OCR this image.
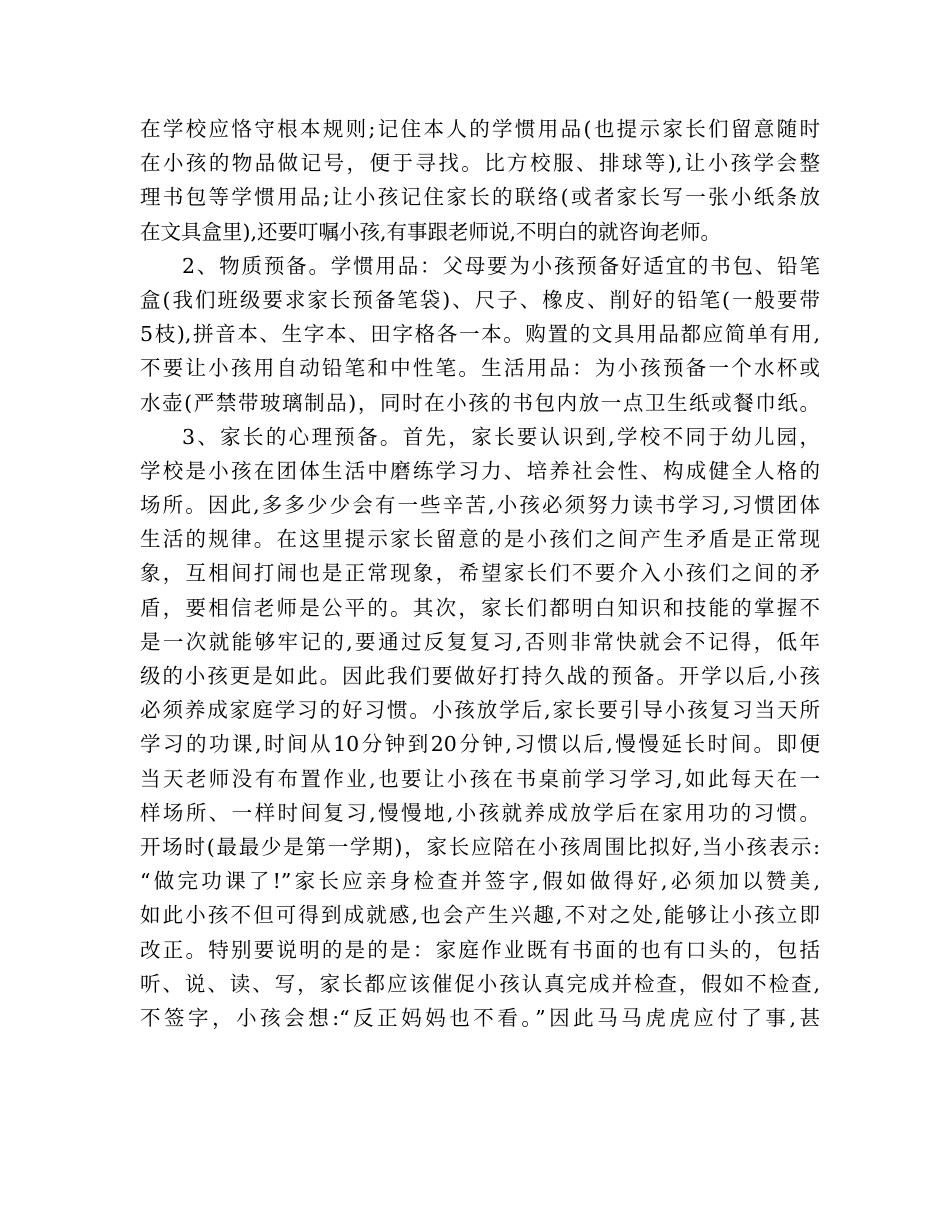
在学校应恪守根本规则;记住本人的学惯用品(也提示家长们留意随时
在小孩的物品做记号，便于寻找。比方校服、排球等),让小孩学会整
理书包等学惯用品;让小孩记住家长的联络(或者家长写一张小纸条放
在文具盒里),还要叮嘱小孩,有事跟老师说,不明白的就咨询老师。
2、物质预备。学惯用品：父母要为小孩预备好适宜的书包、铅笔
盒(我们班级要求家长预备笔袋)、尺子、橡皮、削好的铅笔(一般要带
5枝),拼音本、生字本、田字格各一本。购置的文具用品都应简单有用,
不要让小孩用自动铅笔和中性笔。生活用品：为小孩预备一个水杯或
水壶(严禁带玻璃制品)，同时在小孩的书包内放一点卫生纸或餐巾纸。
3、家长的心理预备。首先，家长要认识到,学校不同于幼儿园，
学校是小孩在团体生活中磨练学习力、培养社会性、构成健全人格的
场所。因此,多多少少会有一些辛苦,小孩必须努力读书学习,习惯团体
生活的规律。在这里提示家长留意的是小孩们之间产生矛盾是正常现
象，互相间打闹也是正常现象，希望家长们不要介入小孩们之间的矛
盾，要相信老师是公平的。其次，家长们都明白知识和技能的掌握不
是一次就能够牢记的,要通过反复复习,否则非常快就会不记得，低年
级的小孩更是如此。因此我们要做好打持久战的预备。开学以后,小孩
必须养成家庭学习的好习惯。小孩放学后,家长要引导小孩复习当天所
学习的功课,时间从10分钟到20分钟,习惯以后,慢慢延长时间。即便
当天老师没有布置作业,也要让小孩在书桌前学习学习,如此每天在一
样场所、一样时间复习,慢慢地,小孩就养成放学后在家用功的习惯。
开场时(最最少是第一学期)，家长应陪在小孩周围比拟好,当小孩表示:
“做完功课了!”家长应亲身检查并签字,假如做得好,必须加以赞美,
如此小孩不但可得到成就感,也会产生兴趣,不对之处,能够让小孩立即
改正。特别要说明的是的是：家庭作业既有书面的也有口头的，包括
听、说、读、写，家长都应该催促小孩认真完成并检查，假如不检查,
不签字，小孩会想:“反正妈妈也不看。”因此马马虎虎应付了事,甚
